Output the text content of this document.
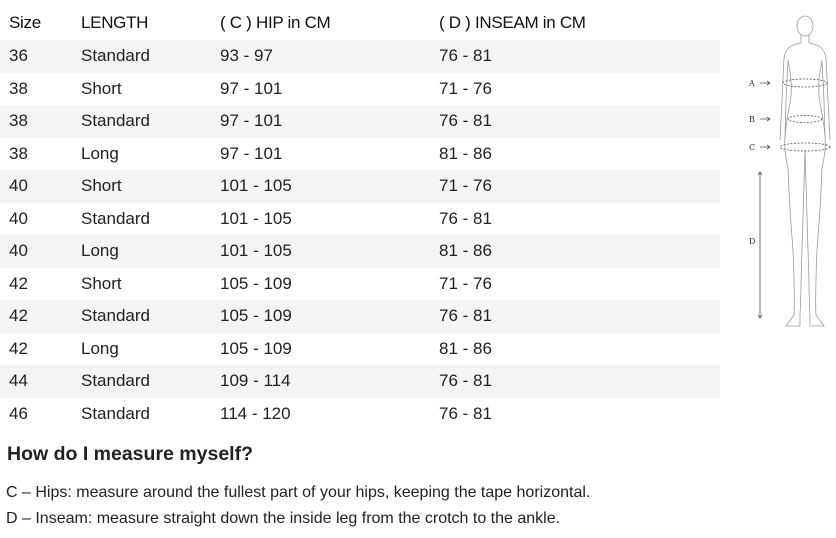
Size	LENGTH	( C ) HIP in CM	( D ) INSEAM in CM
36	Standard	93 - 97	76 - 81
38	Short	97 - 101	71 - 76
38	Standard	97 - 101	76 - 81
38	Long	97 - 101	81 - 86
40	Short	101 - 105	71 - 76
40	Standard	101 - 105	76 - 81
40	Long	101 - 105	81 - 86
42	Short	105 - 109	71 - 76
42	Standard	105 - 109	76 - 81
42	Long	105 - 109	81 - 86
44	Standard	109 - 114	76 - 81
46	Standard	114 - 120	76 - 81
A
B
C
D
How do I measure myself?

C – Hips: measure around the fullest part of your hips, keeping the tape horizontal.

D – Inseam: measure straight down the inside leg from the crotch to the ankle.
